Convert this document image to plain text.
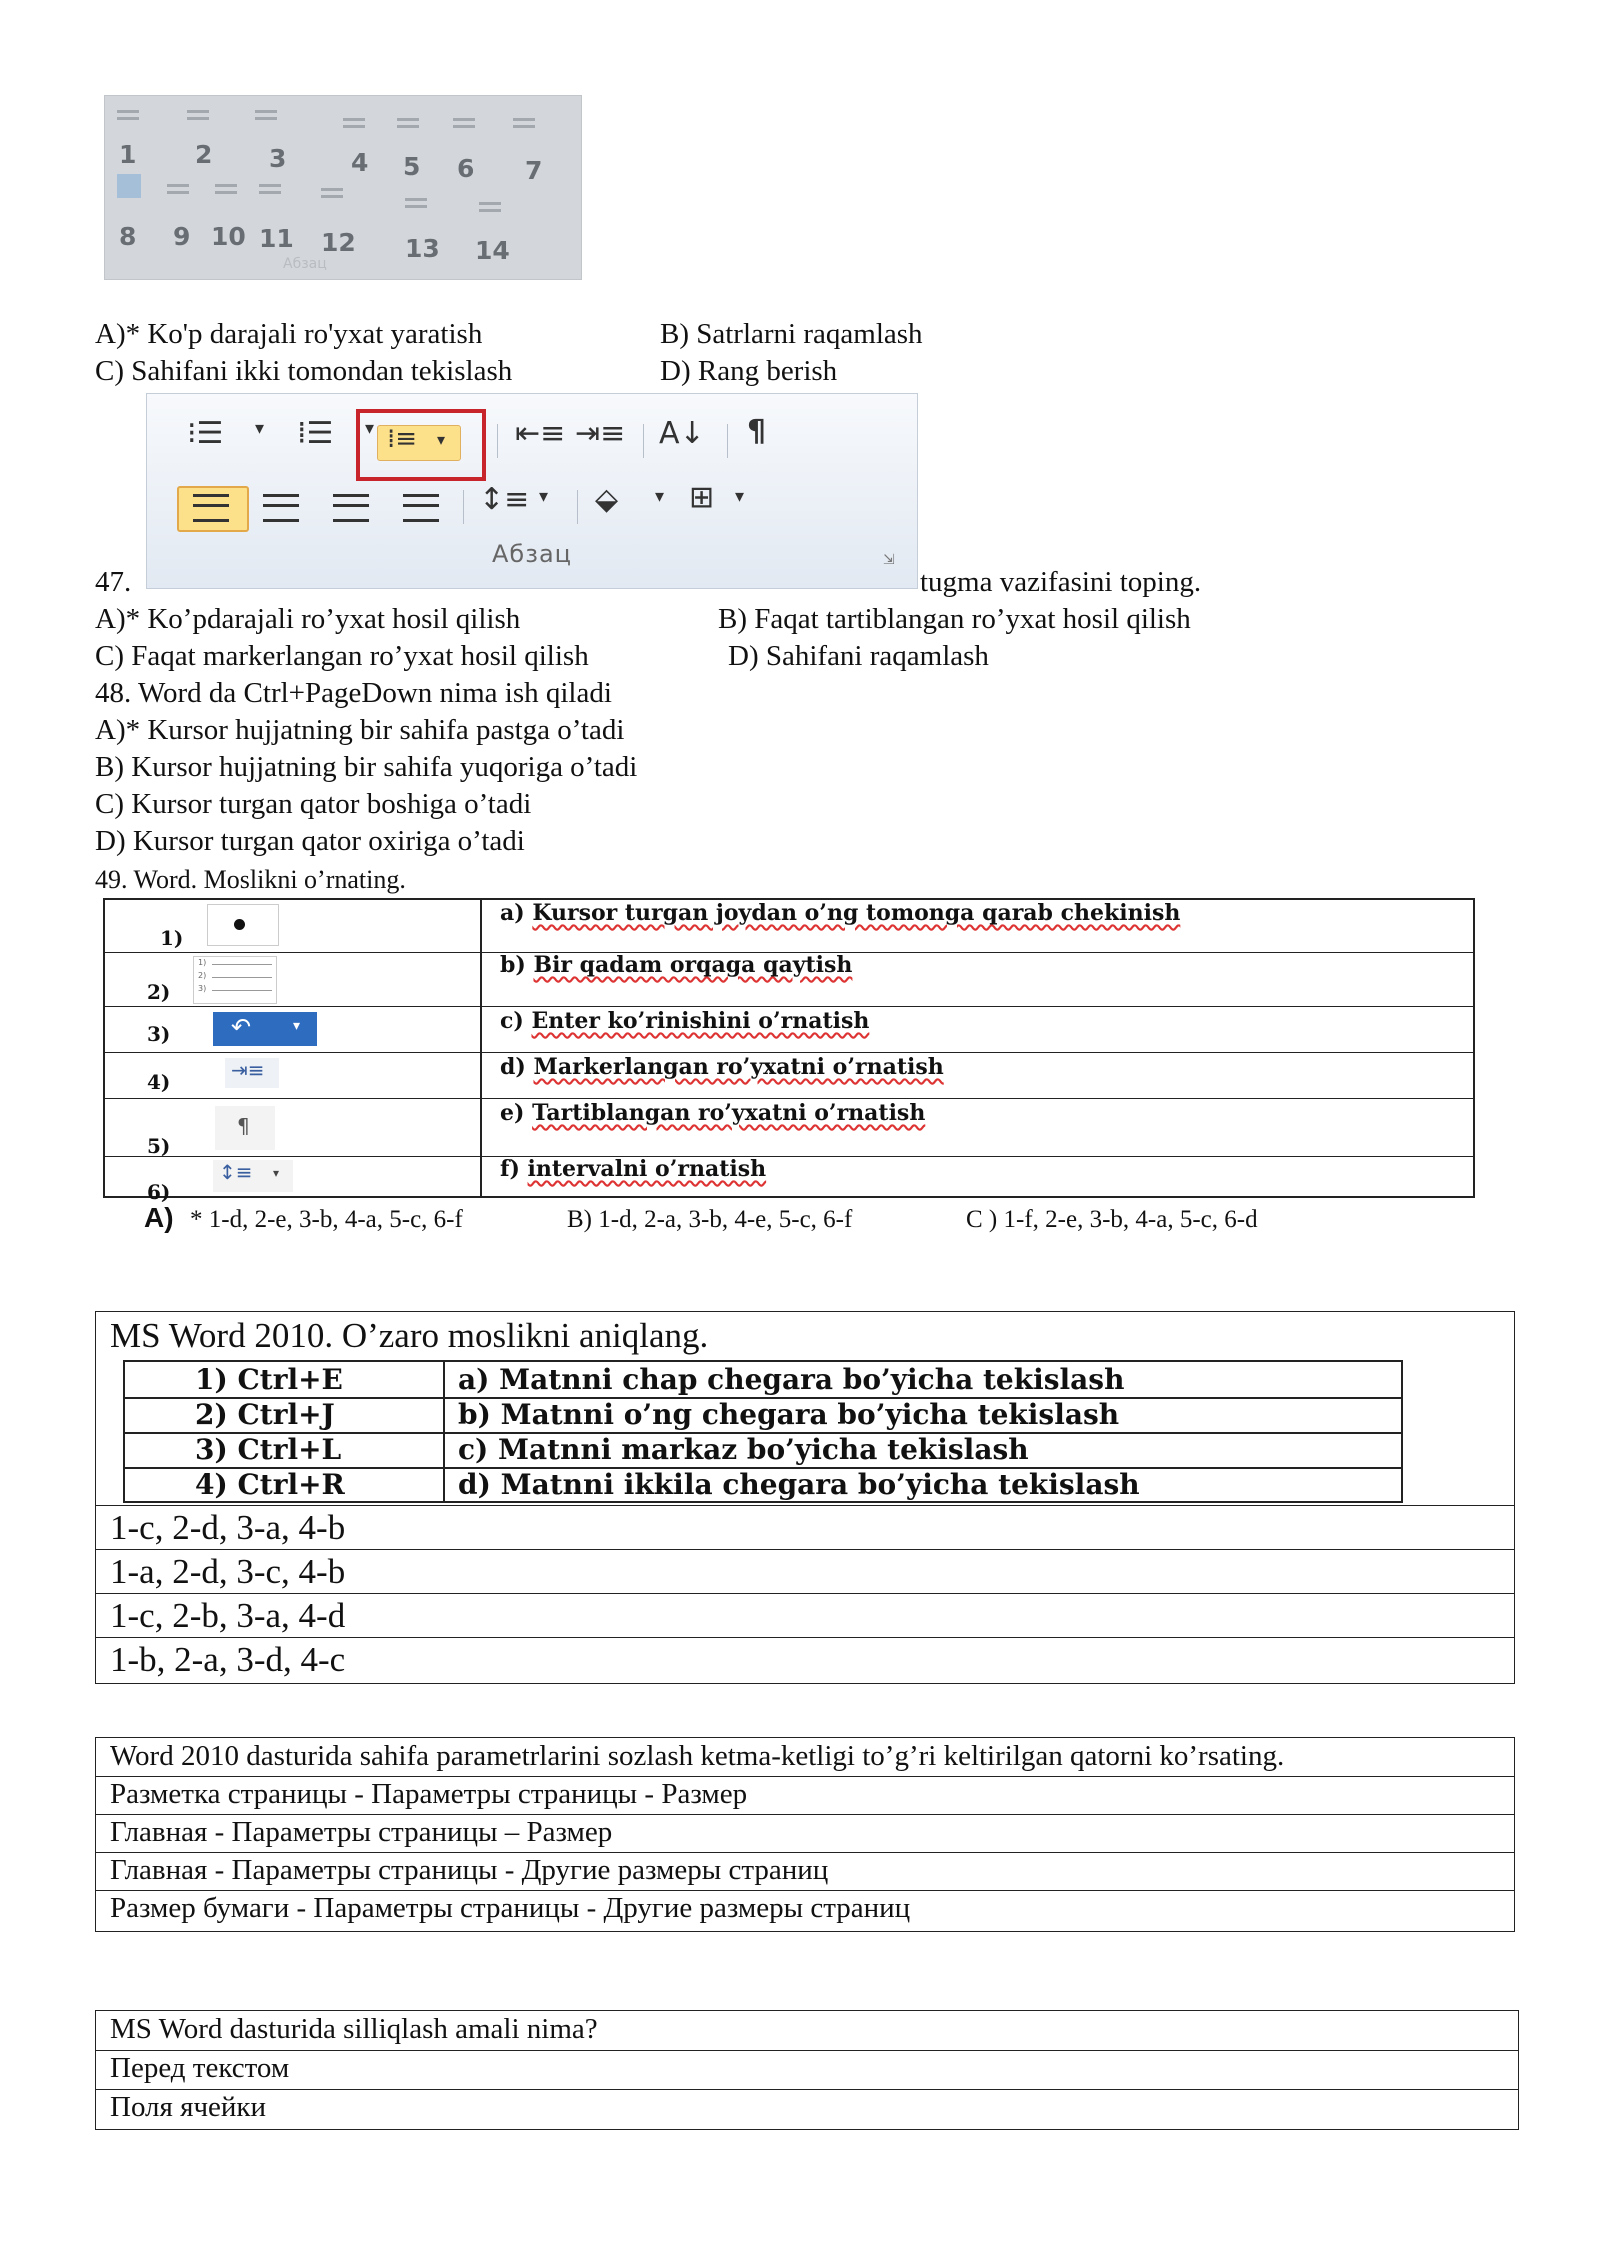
1 2 3	4 5 6 7
8 9 10 11 12 13 14
Абзац
A)* Ko'p darajali ro'yxat yaratish	B) Satrlarni raqamlash
C) Sahifani ikki tomondan tekislash	D) Rang berish
⁝☰ ▾ ⁞☰ ▾ ⁞≡ ▾ ⇤≡ ⇥≡ A↓ ¶
↕≡ ▾ ⬙ ▾ ⊞ ▾
Абзац	⇲
47.	tugma vazifasini toping.
A)* Ko’pdarajali ro’yxat hosil qilish	B) Faqat tartiblangan ro’yxat hosil qilish
C) Faqat markerlangan ro’yxat hosil qilish	D) Sahifani raqamlash
48. Word da Ctrl+PageDown nima ish qiladi
A)* Kursor hujjatning bir sahifa pastga o’tadi
B) Kursor hujjatning bir sahifa yuqoriga o’tadi
C) Kursor turgan qator boshiga o’tadi
D) Kursor turgan qator oxiriga o’tadi
49. Word. Moslikni o’rnating.
1)
a) Kursor turgan joydan o’ng tomonga qarab chekinish
1)
2)
3)
2)
b) Bir qadam orqaga qaytish
↶	▾
3)	c) Enter ko’rinishini o’rnatish
⇥≡
4)
d) Markerlangan ro’yxatni o’rnatish
¶
5)
e) Tartiblangan ro’yxatni o’rnatish
↕≡ ▾
6)
f) intervalni o’rnatish
A) * 1-d, 2-e, 3-b, 4-a, 5-c, 6-f	B) 1-d, 2-a, 3-b, 4-e, 5-c, 6-f	C ) 1-f, 2-e, 3-b, 4-a, 5-c, 6-d
MS Word 2010. O’zaro moslikni aniqlang.
1) Ctrl+E	a) Matnni chap chegara bo’yicha tekislash
2) Ctrl+J	b) Matnni o’ng chegara bo’yicha tekislash
3) Ctrl+L	c) Matnni markaz bo’yicha tekislash
4) Ctrl+R	d) Matnni ikkila chegara bo’yicha tekislash
1-c, 2-d, 3-a, 4-b
1-a, 2-d, 3-c, 4-b
1-c, 2-b, 3-a, 4-d
1-b, 2-a, 3-d, 4-c
Word 2010 dasturida sahifa parametrlarini sozlash ketma-ketligi to’g’ri keltirilgan qatorni ko’rsating.
Разметка страницы - Параметры страницы - Размер
Главная - Параметры страницы – Размер
Главная - Параметры страницы - Другие размеры страниц
Размер бумаги - Параметры страницы - Другие размеры страниц
MS Word dasturida silliqlash amali nima?
Перед текстом
Поля ячейки
